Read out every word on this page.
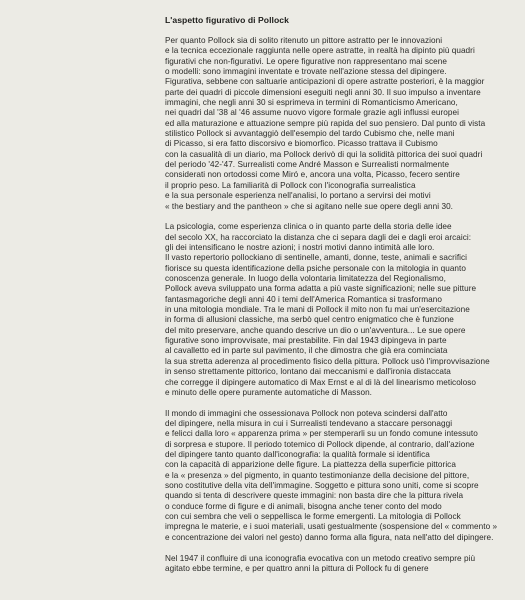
L'aspetto figurativo di Pollock
Per quanto Pollock sia di solito ritenuto un pittore astratto per le innovazioni
e la tecnica eccezionale raggiunta nelle opere astratte, in realtà ha dipinto più quadri
figurativi che non-figurativi. Le opere figurative non rappresentano mai scene
o modelli: sono immagini inventate e trovate nell'azione stessa del dipingere.
Figurativa, sebbene con saltuarie anticipazioni di opere astratte posteriori, è la maggior
parte dei quadri di piccole dimensioni eseguiti negli anni 30. Il suo impulso a inventare
immagini, che negli anni 30 si esprimeva in termini di Romanticismo Americano,
nei quadri dal '38 al '46 assume nuovo vigore formale grazie agli influssi europei
ed alla maturazione e attuazione sempre più rapida del suo pensiero. Dal punto di vista
stilistico Pollock si avvantaggiò dell'esempio del tardo Cubismo che, nelle mani
di Picasso, si era fatto discorsivo e biomorfico. Picasso trattava il Cubismo
con la casualità di un diario, ma Pollock derivò di qui la solidità pittorica dei suoi quadri
del periodo '42-'47. Surrealisti come André Masson e Surrealisti normalmente
considerati non ortodossi come Miró e, ancora una volta, Picasso, fecero sentire
il proprio peso. La familiarità di Pollock con l'iconografia surrealistica
e la sua personale esperienza nell'analisi, lo portano a servirsi dei motivi
« the bestiary and the pantheon » che si agitano nelle sue opere degli anni 30.
La psicologia, come esperienza clinica o in quanto parte della storia delle idee
del secolo XX, ha raccorciato la distanza che ci separa dagli dei e dagli eroi arcaici:
gli dei intensificano le nostre azioni; i nostri motivi danno intimità alle loro.
Il vasto repertorio pollockiano di sentinelle, amanti, donne, teste, animali e sacrifici
fiorisce su questa identificazione della psiche personale con la mitologia in quanto
conoscenza generale. In luogo della volontaria limitatezza del Regionalismo,
Pollock aveva sviluppato una forma adatta a più vaste significazioni; nelle sue pitture
fantasmagoriche degli anni 40 i temi dell'America Romantica si trasformano
in una mitologia mondiale. Tra le mani di Pollock il mito non fu mai un'esercitazione
in forma di allusioni classiche, ma serbò quel centro enigmatico che è funzione
del mito preservare, anche quando descrive un dio o un'avventura... Le sue opere
figurative sono improvvisate, mai prestabilite. Fin dal 1943 dipingeva in parte
al cavalletto ed in parte sul pavimento, il che dimostra che già era cominciata
la sua stretta aderenza al procedimento fisico della pittura. Pollock usò l'improvvisazione
in senso strettamente pittorico, lontano dai meccanismi e dall'ironia distaccata
che corregge il dipingere automatico di Max Ernst e al di là del linearismo meticoloso
e minuto delle opere puramente automatiche di Masson.
Il mondo di immagini che ossessionava Pollock non poteva scindersi dall'atto
del dipingere, nella misura in cui i Surrealisti tendevano a staccare personaggi
e felicci dalla loro « apparenza prima » per stemperarli su un fondo comune intessuto
di sorpresa e stupore. Il periodo totemico di Pollock dipende, al contrario, dall'azione
del dipingere tanto quanto dall'iconografia: la qualità formale si identifica
con la capacità di apparizione delle figure. La piattezza della superficie pittorica
e la « presenza » del pigmento, in quanto testimonianze della decisione del pittore,
sono costitutive della vita dell'immagine. Soggetto e pittura sono uniti, come si scopre
quando si tenta di descrivere queste immagini: non basta dire che la pittura rivela
o conduce forme di figure e di animali, bisogna anche tener conto del modo
con cui sembra che veli o seppellisca le forme emergenti. La mitologia di Pollock
impregna le materie, e i suoi materiali, usati gestualmente (sospensione del « commento »
e concentrazione dei valori nel gesto) danno forma alla figura, nata nell'atto del dipingere.
Nel 1947 il confluire di una iconografia evocativa con un metodo creativo sempre più
agitato ebbe termine, e per quattro anni la pittura di Pollock fu di genere
